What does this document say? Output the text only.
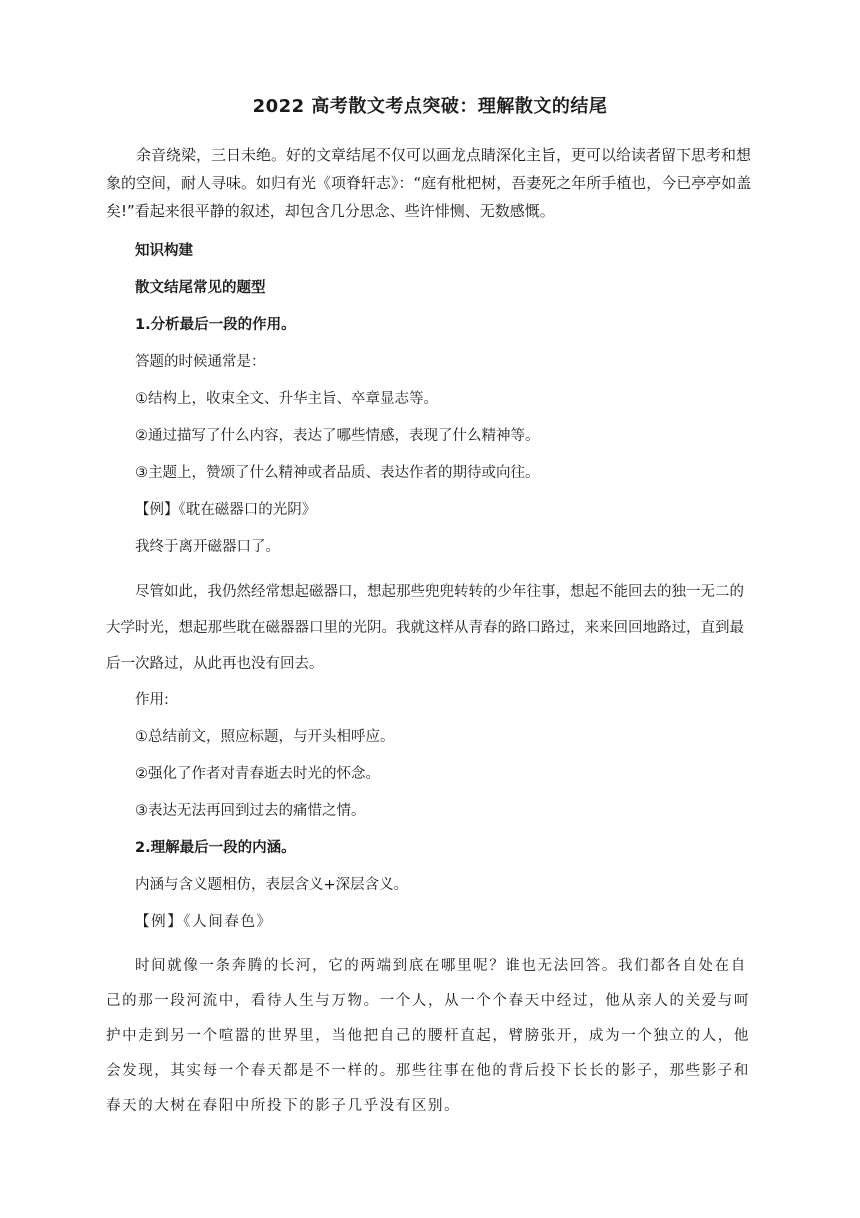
2022 高考散文考点突破：理解散文的结尾

余音绕梁，三日未绝。好的文章结尾不仅可以画龙点睛深化主旨，更可以给读者留下思考和想象的空间，耐人寻味。如归有光《项脊轩志》：“庭有枇杷树，吾妻死之年所手植也，今已亭亭如盖矣!”看起来很平静的叙述，却包含几分思念、些许悱恻、无数感慨。

知识构建

散文结尾常见的题型

1.分析最后一段的作用。

答题的时候通常是：

①结构上，收束全文、升华主旨、卒章显志等。

②通过描写了什么内容，表达了哪些情感，表现了什么精神等。

③主题上，赞颂了什么精神或者品质、表达作者的期待或向往。

【例】《耽在磁器口的光阴》

我终于离开磁器口了。

尽管如此，我仍然经常想起磁器口，想起那些兜兜转转的少年往事，想起不能回去的独一无二的大学时光，想起那些耽在磁器器口里的光阴。我就这样从青春的路口路过，来来回回地路过，直到最后一次路过，从此再也没有回去。

作用:

①总结前文，照应标题，与开头相呼应。

②强化了作者对青春逝去时光的怀念。

③表达无法再回到过去的痛惜之情。

2.理解最后一段的内涵。

内涵与含义题相仿，表层含义+深层含义。

【例】《人间春色》

时间就像一条奔腾的长河，它的两端到底在哪里呢？谁也无法回答。我们都各自处在自己的那一段河流中，看待人生与万物。一个人，从一个个春天中经过，他从亲人的关爱与呵护中走到另一个喧嚣的世界里，当他把自己的腰杆直起，臂膀张开，成为一个独立的人，他会发现，其实每一个春天都是不一样的。那些往事在他的背后投下长长的影子，那些影子和春天的大树在春阳中所投下的影子几乎没有区别。
